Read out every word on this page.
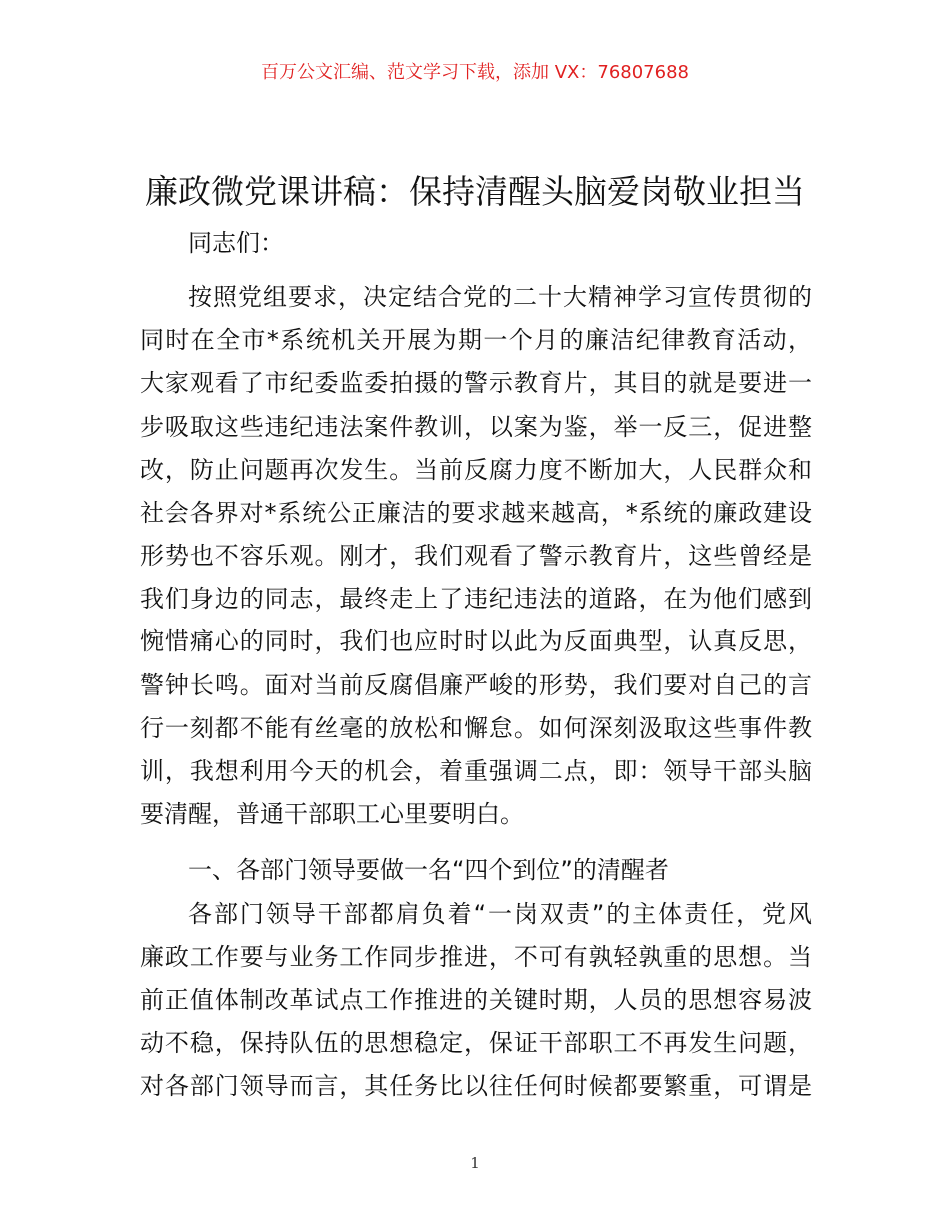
百万公文汇编、范文学习下载，添加 VX：76807688
廉政微党课讲稿：保持清醒头脑爱岗敬业担当
同志们：
按照党组要求，决定结合党的二十大精神学习宣传贯彻的
同时在全市*系统机关开展为期一个月的廉洁纪律教育活动，
大家观看了市纪委监委拍摄的警示教育片，其目的就是要进一
步吸取这些违纪违法案件教训，以案为鉴，举一反三，促进整
改，防止问题再次发生。当前反腐力度不断加大，人民群众和
社会各界对*系统公正廉洁的要求越来越高，*系统的廉政建设
形势也不容乐观。刚才，我们观看了警示教育片，这些曾经是
我们身边的同志，最终走上了违纪违法的道路，在为他们感到
惋惜痛心的同时，我们也应时时以此为反面典型，认真反思，
警钟长鸣。面对当前反腐倡廉严峻的形势，我们要对自己的言
行一刻都不能有丝毫的放松和懈怠。如何深刻汲取这些事件教
训，我想利用今天的机会，着重强调二点，即：领导干部头脑
要清醒，普通干部职工心里要明白。
一、各部门领导要做一名“四个到位”的清醒者
各部门领导干部都肩负着“一岗双责”的主体责任，党风
廉政工作要与业务工作同步推进，不可有孰轻孰重的思想。当
前正值体制改革试点工作推进的关键时期，人员的思想容易波
动不稳，保持队伍的思想稳定，保证干部职工不再发生问题，
对各部门领导而言，其任务比以往任何时候都要繁重，可谓是
1
